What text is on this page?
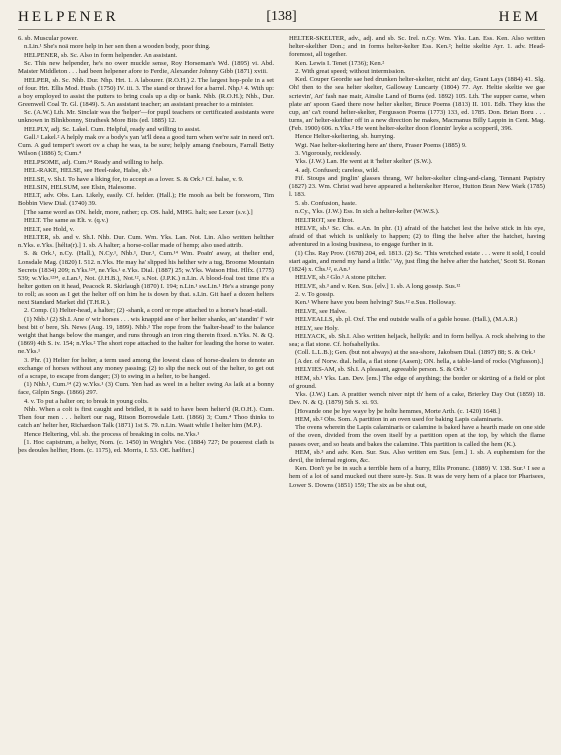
HELPENER	[138]	HEM

6. sb. Muscular power.

n.Lin.¹ She's noä more help in her sen then a wooden body, poor thing.

HELPENER, sb. Sc. Also in form helpender. An assistant.

Sc. This new helpender, he's no ower muckle sense, Roy Horseman's Wd. (1895) vi. Abd. Maister Middleton . . . had been helpener afore to Ferdie, Alexander Johnny Gibb (1871) xviii.

HELPER, sb. Sc. Nhb. Dur. Nhp. Hrt. 1. A labourer. (R.O.H.) 2. The largest hop-pole in a set of four. Hrt. Ellis Mod. Husb. (1750) IV. iii. 3. The stand or thrawl for a barrel. Nhp.¹ 4. With up: a boy employed to assist the putters to bring coals up a dip or bank. Nhb. (R.O.H.); Nhb., Dur. Greenwell Coal Tr. Gl. (1849). 5. An assistant teacher; an assistant preacher to a minister.

Sc. (A.W.) Lth. Mr. Sinclair was the 'helper'—for pupil teachers or certificated assistants were unknown in Blinkbonny, Strathesk More Bits (ed. 1885) 12.

HELPLY, adj. Sc. Lakel. Cum. Helpful, ready and willing to assist.

Gall.¹ Lakel.² A helply mak ov a body's yan 'at'll deea a good turn when we're sair in need on't. Cum. A gud temper't swort ov a chap he was, ta be sure; helply amang t'nebours, Farrall Betty Wilson (1886) 5; Cum.⁴

HELPSOME, adj. Cum.¹⁴ Ready and willing to help.

HEL-RAKE, HELSE, see Heel-rake, Halse, sb.¹

HELSE, v. Sh.I. To have a liking for, to accept as a lover. S. & Ork.¹ Cf. halse, v. 9.

HELSIN, HELSUM, see Elsin, Halesome.

HELT, adv. Obs. Lan. Likely, easily. Cf. helder. (Hall.); He mooh aa belt be forsworn, Tim Bobbin View Dial. (1740) 39.

[The same word as ON. heldr, more, rather; cp. OS. hald, MHG. halt; see Lexer (s.v.).]

HELT. The same as Elt. v. (q.v.)

HELT, see Hold, v.

HELTER, sb. and v. Sh.I. Nhb. Dur. Cum. Wm. Yks. Lan. Not. Lin. Also written heltther n.Yks. e.Yks. [héltə(r).] 1. sb. A halter; a horse-collar made of hemp; also used attrib.

S. & Ork.¹, n.Cy. (Hall.), N.Cy.¹, Nhb.¹, Dur.¹, Cum.¹⁴ Wm. Poaïn' away, at thelter end, Lonsdale Mag. (1820) I. 512. n.Yks. He may ha' slipped his helther wiv a tug, Broome Mountain Secrets (1834) 209; n.Yks.¹²⁴, ne.Yks.¹ e.Yks. Dial. (1887) 25; w.Yks. Watson Hist. Hlfx. (1775) 539; w.Yks.¹²³⁴, e.Lan.¹, Not. (J.H.B.), Not.¹², s.Not. (J.P.K.) n.Lin. A blood-foal tost time it's a helter gotten on it head, Peacock R. Skirlaugh (1870) I. 194; n.Lin.¹ sw.Lin.¹ He's a strange pony to roll; as soon as I get the helter off on him he is down by that. s.Lin. Git haef a dozen helters next Standard Market did (T.H.R.).

2. Comp. (1) Helter-head, a halter; (2) -shank, a cord or rope attached to a horse's head-stall.

(1) Nhb.¹ (2) Sh.I. Ane o' wir horses . . . wis knappid ane o' her helter shanks, an' standin' f' wir best bit o' bere, Sh. News (Aug. 19, 1899). Nhb.¹ The rope from the 'halter-head' to the balance weight that hangs below the manger, and runs through an iron ring therein fixed. n.Yks. N. & Q. (1869) 4th S. iv. 154; n.Yks.² The short rope attached to the halter for leading the horse to water. ne.Yks.¹

3. Phr. (1) Helter for helter, a term used among the lowest class of horse-dealers to denote an exchange of horses without any money passing; (2) to slip the neck out of the helter, to get out of a scrape, to escape from danger; (3) to swing in a helter, to be hanged.

(1) Nhb.¹, Cum.¹⁴ (2) w.Yks.¹ (3) Cum. Yen had as weel in a helter swing As laik at a bonny face, Gilpin Sngs. (1866) 297.

4. v. To put a halter on; to break in young colts.

Nhb. When a colt is first caught and bridled, it is said to have been helter'd (R.O.H.). Cum. Then four men . . . heltert our nag, Ritson Borrowdale Lett. (1866) 3; Cum.⁴ Thoo thinks to catch an' helter her, Richardson Talk (1871) 1st S. 79. n.Lin. Waait while I helter him (M.P.).

Hence Heltering, vbl. sb. the process of breaking in colts. ne.Yks.¹

[1. Hoc capistrum, a heltyr, Nom. (c. 1450) in Wright's Voc. (1884) 727; Þe pouerest clath is þes deoules helfter, Hom. (c. 1175), ed. Morris, I. 53. OE. hælfter.]

HELTER-SKELTER, adv., adj. and sb. Sc. Irel. n.Cy. Wm. Yks. Lan. Ess. Ken. Also written helter-skelther Don.; and in forms helter-kelter Ess. Ken.²; heltie skeltie Ayr. 1. adv. Head-foremost, all together.

Ken. Lewis I. Tenet (1736); Ken.²

2. With great speed; without intermission.

Ked. Couper Geordie sae hed drunken helter-skelter, nicht an' day, Grant Lays (1884) 41. Slg. Oh! then to the sea helter skelter, Galloway Luncarty (1804) 77. Ayr. Heltie skeltie we gae scrievin', An' fash nae mair, Ainslie Land of Burns (ed. 1892) 105. Lth. The supper came, when plate an' spoon Gaed there now helter skelter, Bruce Poems (1813) II. 101. Edb. They kiss the cup, an' ca't round helter-skelter, Fergusson Poems (1773) 133, ed. 1785. Don. Brian Boru . . . turns, an' helter-skelther off in a new direction he makes, Macmanus Billy Lappin in Cent. Mag. (Feb. 1900) 606. n.Yks.² He went helter-skelter doon t'lonnin' leyke a scopperil, 396.

Hence Helter-skeltering, sb. hurrying.

Wgt. Nae helter-skeltering here an' there, Fraser Poems (1885) 9.

3. Vigorously, recklessly.

Yks. (J.W.) Lan. He went at it 'helter skelter' (S.W.).

4. adj. Confused; careless, wild.

Fif. Stoups and jinglin' glasses thrang, Wi' helter-skelter cling-and-clang, Tennant Papistry (1827) 23. Wm. Christ wad heve appeared a helterskelter Heroe, Hutton Bran New Wark (1785) l. 183.

5. sb. Confusion, haste.

n.Cy., Yks. (J.W.) Ess. In sich a helter-kelter (W.W.S.).

HELTROT, see Eltrot.

HELVE, sb.¹ Sc. Chs. e.An. In phr. (1) afraid of the hatchet lest the helve stick in his eye, afraid of that which is unlikely to happen; (2) to fling the helve after the hatchet, having adventured in a losing business, to engage further in it.

(1) Chs. Ray Prov. (1678) 204, ed. 1813. (2) Sc. 'This wretched estate . . . were it sold, I could start again, and mend my hand a little.' 'Ay, just fling the helve after the hatchet,' Scott St. Ronan (1824) x. Chs.¹², e.An.¹

HELVE, sb.² Glo.¹ A stone pitcher.

HELVE, sb.³ and v. Ken. Sus. [elv.] 1. sb. A long gossip. Sus.¹²

2. v. To gossip.

Ken.¹ Where have you been helving? Sus.¹² e.Sus. Holloway.

HELVE, see Halve.

HELVEALLS, sb. pl. Oxf. The end outside walls of a gable house. (Hall.), (M.A.R.)

HELY, see Holy.

HELYACK, sb. Sh.I. Also written heljack, hellyik: and in form hellya. A rock shelving to the sea; a flat stone. Cf. hofsahellyiks.

(Coll. L.L.B.); Gen. (but not always) at the sea-shore, Jakobsen Dial. (1897) 88; S. & Ork.¹

[A der. of Norw. dial. hella, a flat stone (Aasen); ON. hella, a table-land of rocks (Vigfusson).]

HELYIES-AM, sb. Sh.I. A pleasant, agreeable person. S. & Ork.¹

HEM, sb.¹ Yks. Lan. Dev. [em.] The edge of anything; the border or skirting of a field or plot of ground.

Yks. (J.W.) Lan. A prattier wench niver nipt th' hem of a cake, Brierley Day Out (1859) 18. Dev. N. & Q. (1879) 5th S. xi. 93.

[Hovande one þe hye waye by þe holte hemmes, Morte Arth. (c. 1420) 1648.]

HEM, sb.² Obs. Som. A partition in an oven used for baking Lapis calaminaris.

The ovens wherein the Lapis calaminaris or calamine is baked have a hearth made on one side of the oven, divided from the oven itself by a partition open at the top, by which the flame passes over, and so heats and bakes the calamine. This partition is called the hem (K.).

HEM, sb.³ and adv. Ken. Sur. Sus. Also written em Sus. [em.] 1. sb. A euphemism for the devil, the infernal regions, &c.

Ken. Don't ye be in such a terrible hem of a hurry, Ellis Pronunc. (1889) V. 138. Sur.¹ I see a hem of a lot of sand mucked out there sure-ly. Sus. It was de very hem of a place tor Pharisees, Lower S. Downs (1851) 159; The six as be shut out,
